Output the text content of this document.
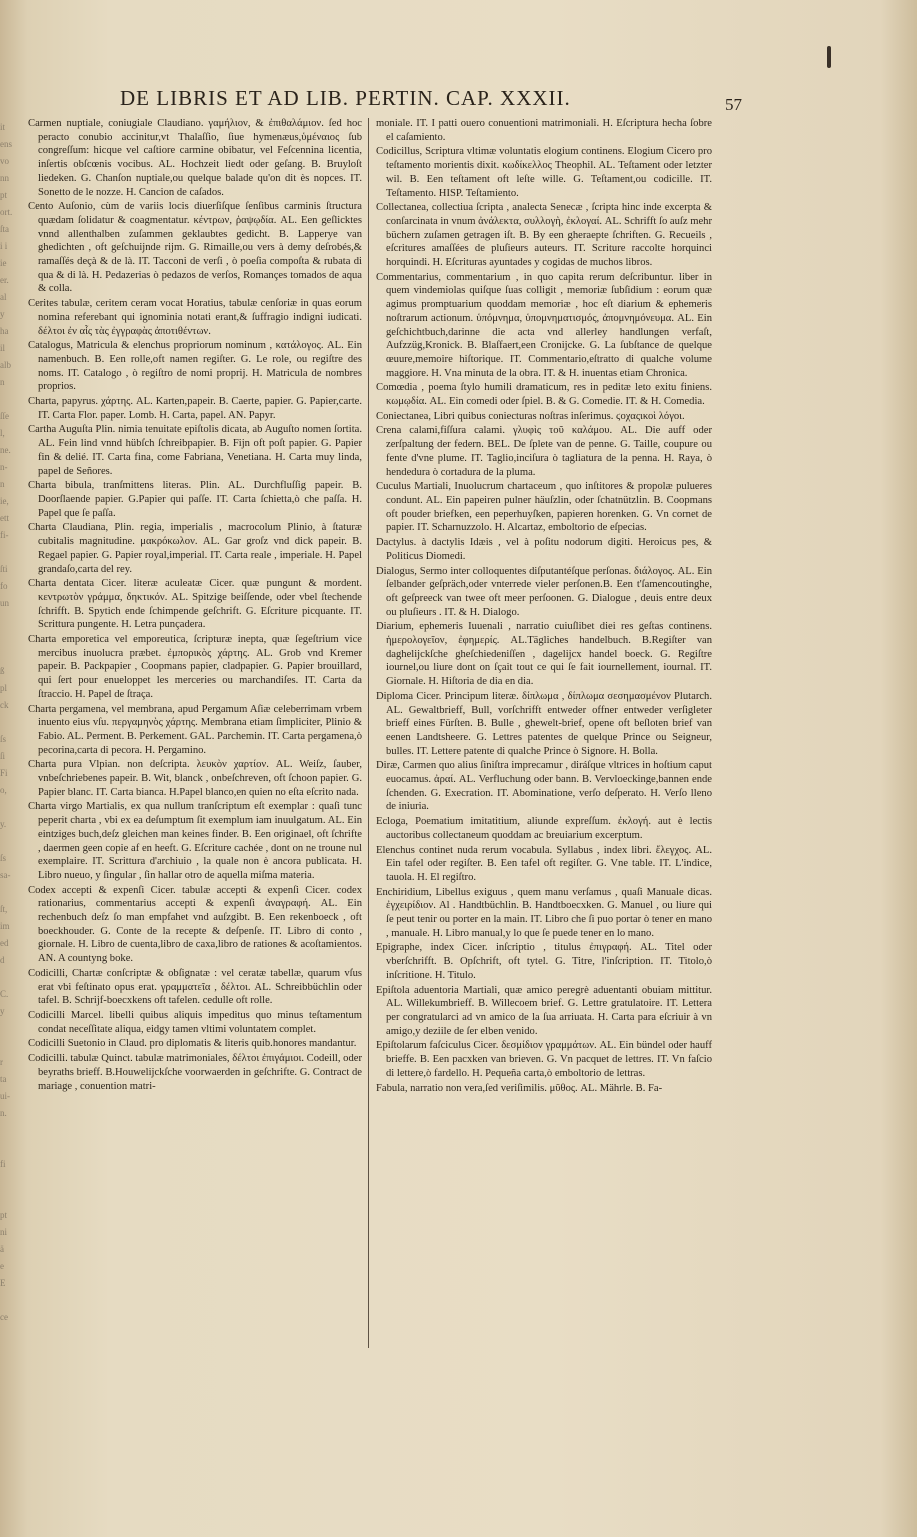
it
ens
vo
nn
pt
ort.
ſta
i i
ie
er.
al
y
ha
il
alb
n
ſſe
l,
ne.
n-
n
ie,
ett
fi-
ſti
fo
un
ß
pl
ck
ſs
ſi
Fi
o,
y.
ſs
sa-
ſt,
im
ed
d
C.
y
r
ta
ui-
n.
fi
pt
ni
ä
e
E
ce
DE LIBRIS ET AD LIB. PERTIN. CAP. XXXII.	57
Carmen nuptiale, coniugiale Claudiano. γαμήλιον, & ἐπιθαλάμιον. ſed hoc peracto conubio accinitur,vt Thalaſſio, ſiue hymenæus,ὑμέναιος ſub congreſſum: hicque vel caſtiore carmine obibatur, vel Feſcennina licentia, inſertis obſcœnis vocibus. AL. Hochzeit liedt oder geſang. B. Bruyloſt liedeken. G. Chanſon nuptiale,ou quelque balade qu'on dit ès nopces. IT. Sonetto de le nozze. H. Cancion de caſados.
Cento Auſonio, cùm de variis locis diuerſiſque ſenſibus carminis ſtructura quædam ſolidatur & coagmentatur. κέντρων, ῥαψῳδία. AL. Een geſlicktes vnnd allenthalben zuſammen geklaubtes gedicht. B. Lapperye van ghedichten , oft geſchuijnde rijm. G. Rimaille,ou vers à demy deſrobés,& ramaſſés deçà & de là. IT. Tacconi de verſi , ò poeſia compoſta & rubata di qua & di là. H. Pedazerias ò pedazos de verſos, Romançes tomados de aqua & colla.
Cerites tabulæ, ceritem ceram vocat Horatius, tabulæ cenſoriæ in quas eorum nomina referebant qui ignominia notati erant,& ſuffragio indigni iudicati. δέλτοι ἐν αἷς τὰς ἐγγραφὰς ἀποτιθέντων.
Catalogus, Matricula & elenchus propriorum nominum , κατάλογος. AL. Ein namenbuch. B. Een rolle,oft namen regiſter. G. Le role, ou regiſtre des noms. IT. Catalogo , ò regiſtro de nomi proprij. H. Matricula de nombres proprios.
Charta, papyrus. χάρτης. AL. Karten,papeir. B. Caerte, papier. G. Papier,carte. IT. Carta Flor. paper. Lomb. H. Carta, papel. AN. Papyr.
Cartha Auguſta Plin. nimia tenuitate epiſtolis dicata, ab Auguſto nomen ſortita. AL. Fein lind vnnd hübſch ſchreibpapier. B. Fijn oft poſt papier. G. Papier fin & delié. IT. Carta fina, come Fabriana, Venetiana. H. Carta muy linda, papel de Señores.
Charta bibula, tranſmittens literas. Plin. AL. Durchfluſſig papeir. B. Doorſlaende papier. G.Papier qui paſſe. IT. Carta ſchietta,ò che paſſa. H. Papel que ſe paſſa.
Charta Claudiana, Plin. regia, imperialis , macrocolum Plinio, à ſtaturæ cubitalis magnitudine. μακρόκωλον. AL. Gar groſz vnd dick papeir. B. Regael papier. G. Papier royal,imperial. IT. Carta reale , imperiale. H. Papel grandaſo,carta del rey.
Charta dentata Cicer. literæ aculeatæ Cicer. quæ pungunt & mordent. κεντρωτὸν γράμμα, δηκτικόν. AL. Spitzige beiſſende, oder vbel ſtechende ſchrifft. B. Spytich ende ſchimpende geſchrift. G. Eſcriture picquante. IT. Scrittura pungente. H. Letra punçadera.
Charta emporetica vel emporeutica, ſcripturæ inepta, quæ ſegeſtrium vice mercibus inuolucra præbet. ἐμπορικὸς χάρτης. AL. Grob vnd Kremer papeir. B. Packpapier , Coopmans papier, cladpapier. G. Papier brouillard, qui ſert pour enueloppet les merceries ou marchandiſes. IT. Carta da ſtraccio. H. Papel de ſtraça.
Charta pergamena, vel membrana, apud Pergamum Aſiæ celeberrimam vrbem inuento eius vſu. περγαμηνὸς χάρτης. Membrana etiam ſimpliciter, Plinio & Fabio. AL. Perment. B. Perkement. GAL. Parchemin. IT. Carta pergamena,ò pecorina,carta di pecora. H. Pergamino.
Charta pura Vlpian. non deſcripta. λευκὸν χαρτίον. AL. Weiſz, ſauber, vnbeſchriebenes papeir. B. Wit, blanck , onbeſchreven, oft ſchoon papier. G. Papier blanc. IT. Carta bianca. H.Papel blanco,en quien no eſta eſcrito nada.
Charta virgo Martialis, ex qua nullum tranſcriptum eſt exemplar : quaſi tunc peperit charta , vbi ex ea deſumptum ſit exemplum iam inuulgatum. AL. Ein eintziges buch,deſz gleichen man keines finder. B. Een originael, oft ſchrifte , daermen geen copie af en heeft. G. Eſcriture cachée , dont on ne troune nul exemplaire. IT. Scrittura d'archiuio , la quale non è ancora publicata. H. Libro nueuo, y ſingular , ſin hallar otro de aquella miſma materia.
Codex accepti & expenſi Cicer. tabulæ accepti & expenſi Cicer. codex rationarius, commentarius accepti & expenſi ἀναγραφή. AL. Ein rechenbuch deſz ſo man empfahet vnd auſzgibt. B. Een rekenboeck , oft boeckhouder. G. Conte de la recepte & deſpenſe. IT. Libro di conto , giornale. H. Libro de cuenta,libro de caxa,libro de rationes & acoſtamientos. AN. A countyng boke.
Codicilli, Chartæ conſcriptæ & obſignatæ : vel ceratæ tabellæ, quarum vſus erat vbi feſtinato opus erat. γραμματεῖα , δέλτοι. AL. Schreibbüchlin oder tafel. B. Schrijf-boecxkens oft tafelen. cedulle oft rolle.
Codicilli Marcel. libelli quibus aliquis impeditus quo minus teſtamentum condat neceſſitate aliqua, eidgy tamen vltimi voluntatem complet.
Codicilli Suetonio in Claud. pro diplomatis & literis quib.honores mandantur.
Codicilli. tabulæ Quinct. tabulæ matrimoniales, δέλτοι ἐπιγάμιοι. Codeill, oder beyraths brieff. B.Houwelijckſche voorwaerden in geſchrifte. G. Contract de mariage , conuention matri-
moniale. IT. I patti ouero conuentioni matrimoniali. H. Eſcriptura hecha ſobre el caſamiento.
Codicillus, Scriptura vltimæ voluntatis elogium continens. Elogium Cicero pro teſtamento morientis dixit. κωδίκελλος Theophil. AL. Teſtament oder letzter wil. B. Een teſtament oft leſte wille. G. Teſtament,ou codicille. IT. Teſtamento. HISP. Teſtamiento.
Collectanea, collectiua ſcripta , analecta Senecæ , ſcripta hinc inde excerpta & conſarcinata in vnum ἀνάλεκτα, συλλογὴ, ἐκλογαί. AL. Schrifft ſo auſz mehr büchern zuſamen getragen iſt. B. By een gheraepte ſchriften. G. Recueils , eſcritures amaſſées de pluſieurs auteurs. IT. Scriture raccolte horquinci horquindi. H. Eſcrituras ayuntades y cogidas de muchos libros.
Commentarius, commentarium , in quo capita rerum deſcribuntur. liber in quem vindemiolas quiſque ſuas colligit , memoriæ ſubſidium : eorum quæ agimus promptuarium quoddam memoriæ , hoc eſt diarium & ephemeris noſtrarum actionum. ὑπόμνημα, ὑπομνηματισμός, ἀπομνημόνευμα. AL. Ein geſchichtbuch,darinne die acta vnd allerley handlungen verfaſt, Aufzzüg,Kronick. B. Blaſfaert,een Cronijcke. G. La ſubſtance de quelque œuure,memoire hiſtorique. IT. Commentario,eſtratto di qualche volume maggiore. H. Vna minuta de la obra. IT. & H. inuentas etiam Chronica.
Comœdia , poema ſtylo humili dramaticum, res in peditæ leto exitu finiens. κωμῳδία. AL. Ein comedi oder ſpiel. B. & G. Comedie. IT. & H. Comedia.
Coniectanea, Libri quibus coniecturas noſtras inſerimus. ϛοχαςικοὶ λόγοι.
Crena calami,fiſſura calami. γλυφὶς τοῦ καλάμου. AL. Die auff oder zerſpaltung der federn. BEL. De ſplete van de penne. G. Taille, coupure ou fente d'vne plume. IT. Taglio,inciſura ò tagliatura de la penna. H. Raya, ò hendedura ò cortadura de la pluma.
Cuculus Martiali, Inuolucrum chartaceum , quo inſtitores & propolæ pulueres condunt. AL. Ein papeiren pulner häuſzlin, oder ſchatnützlin. B. Coopmans oft pouder briefken, een peperhuyſken, papieren horenken. G. Vn cornet de papier. IT. Scharnuzzolo. H. Alcartaz, emboltorio de eſpecias.
Dactylus. à dactylis Idæis , vel à poſitu nodorum digiti. Heroicus pes, & Politicus Diomedi.
Dialogus, Sermo inter colloquentes diſputantéſque perſonas. διάλογος. AL. Ein ſelbander geſpräch,oder vnterrede vieler perſonen.B. Een t'ſamencoutinghe, oft geſpreeck van twee oft meer perſoonen. G. Dialogue , deuis entre deux ou pluſieurs . IT. & H. Dialogo.
Diarium, ephemeris Iuuenali , narratio cuiuſlibet diei res geſtas continens. ἡμερολογεῖον, ἐφημερίς. AL.Tägliches handelbuch. B.Regiſter van daghelijckſche gheſchiedeniſſen , dagelijcx handel boeck. G. Regiſtre iournel,ou liure dont on ſçait tout ce qui ſe fait iournellement, iournal. IT. Giornale. H. Hiſtoria de dia en dia.
Diploma Cicer. Principum literæ. δίπλωμα , δίπλωμα σεσημασμένον Plutarch. AL. Gewaltbrieff, Bull, vorſchrifft entweder offner entweder verſigleter brieff eines Fürſten. B. Bulle , ghewelt-brief, opene oft beſloten brief van eenen Landtsheere. G. Lettres patentes de quelque Prince ou Seigneur, bulles. IT. Lettere patente di qualche Prince ò Signore. H. Bolla.
Diræ, Carmen quo alius ſiniſtra imprecamur , diráſque vltrices in hoſtium caput euocamus. ἀραί. AL. Verfluchung oder bann. B. Vervloeckinge,bannen ende ſchenden. G. Execration. IT. Abominatione, verſo deſperato. H. Verſo lleno de iniuria.
Ecloga, Poematium imitatitium, aliunde expreſſum. ἐκλογή. aut è lectis auctoribus collectaneum quoddam ac breuiarium excerptum.
Elenchus continet nuda rerum vocabula. Syllabus , index libri. ἔλεγχος. AL. Ein tafel oder regiſter. B. Een tafel oft regiſter. G. Vne table. IT. L'indice, tauola. H. El regiſtro.
Enchiridium, Libellus exiguus , quem manu verſamus , quaſi Manuale dicas. ἐγχειρίδιον. Al . Handtbüchlin. B. Handtboecxken. G. Manuel , ou liure qui ſe peut tenir ou porter en la main. IT. Libro che ſi puo portar ò tener en mano , manuale. H. Libro manual,y lo que ſe puede tener en lo mano.
Epigraphe, index Cicer. inſcriptio , titulus ἐπιγραφή. AL. Titel oder vberſchrifft. B. Opſchrift, oft tytel. G. Titre, l'inſcription. IT. Titolo,ò inſcritione. H. Titulo.
Epiſtola aduentoria Martiali, quæ amico peregrè aduentanti obuiam mittitur. AL. Willekumbrieff. B. Willecoem brief. G. Lettre gratulatoire. IT. Lettera per congratularci ad vn amico de la ſua arriuata. H. Carta para eſcriuir à vn amigo,y deziile de ſer elben venido.
Epiſtolarum faſciculus Cicer. δεσμίδιον γραμμάτων. AL. Ein bündel oder hauff brieffe. B. Een pacxken van brieven. G. Vn pacquet de lettres. IT. Vn faſcio di lettere,ò fardello. H. Pequeña carta,ò emboltorio de lettras.
Fabula, narratio non vera,ſed veriſimilis. μῦθος. AL. Mährle. B. Fa-
